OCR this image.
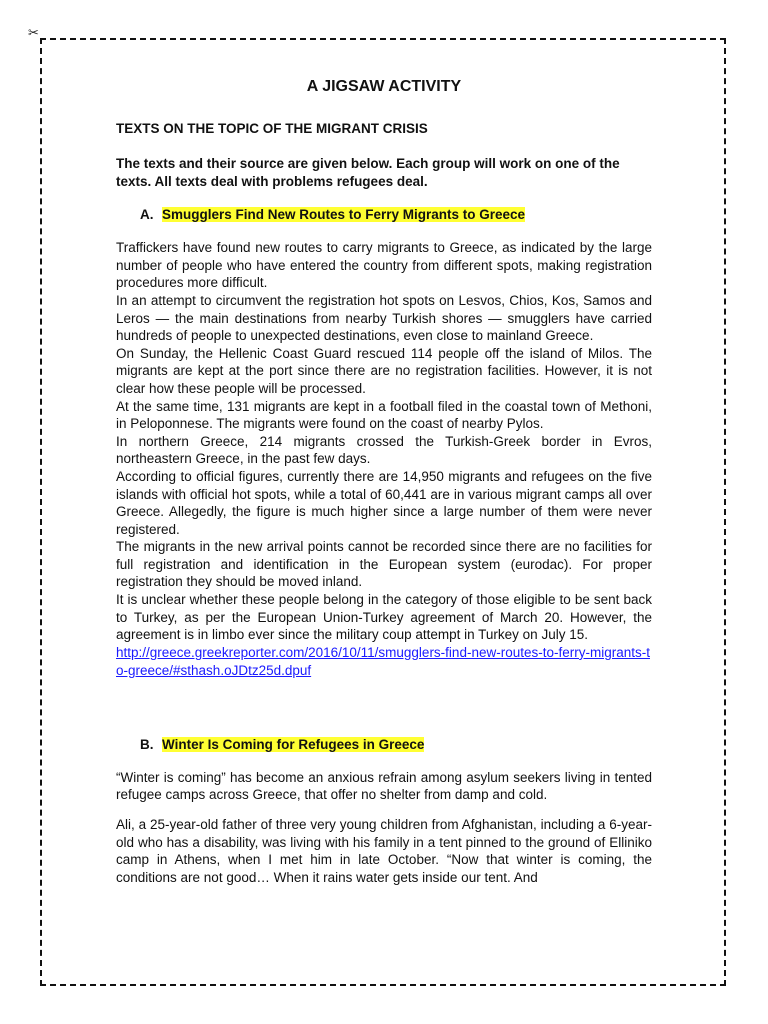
✂
A JIGSAW ACTIVITY
TEXTS ON THE TOPIC OF THE MIGRANT CRISIS
The texts and their source are given below. Each group will work on one of the texts. All texts deal with problems refugees deal.
A. Smugglers Find New Routes to Ferry Migrants to Greece

Traffickers have found new routes to carry migrants to Greece, as indicated by the large number of people who have entered the country from different spots, making registration procedures more difficult.

In an attempt to circumvent the registration hot spots on Lesvos, Chios, Kos, Samos and Leros — the main destinations from nearby Turkish shores — smugglers have carried hundreds of people to unexpected destinations, even close to mainland Greece.

On Sunday, the Hellenic Coast Guard rescued 114 people off the island of Milos. The migrants are kept at the port since there are no registration facilities. However, it is not clear how these people will be processed.

At the same time, 131 migrants are kept in a football filed in the coastal town of Methoni, in Peloponnese. The migrants were found on the coast of nearby Pylos.

In northern Greece, 214 migrants crossed the Turkish-Greek border in Evros, northeastern Greece, in the past few days.

According to official figures, currently there are 14,950 migrants and refugees on the five islands with official hot spots, while a total of 60,441 are in various migrant camps all over Greece. Allegedly, the figure is much higher since a large number of them were never registered.

The migrants in the new arrival points cannot be recorded since there are no facilities for full registration and identification in the European system (eurodac). For proper registration they should be moved inland.

It is unclear whether these people belong in the category of those eligible to be sent back to Turkey, as per the European Union-Turkey agreement of March 20. However, the agreement is in limbo ever since the military coup attempt in Turkey on July 15.

http://greece.greekreporter.com/2016/10/11/smugglers-find-new-routes-to-ferry-migrants-to-greece/#sthash.oJDtz25d.dpuf
B. Winter Is Coming for Refugees in Greece

“Winter is coming” has become an anxious refrain among asylum seekers living in tented refugee camps across Greece, that offer no shelter from damp and cold.

Ali, a 25-year-old father of three very young children from Afghanistan, including a 6-year-old who has a disability, was living with his family in a tent pinned to the ground of Elliniko camp in Athens, when I met him in late October. “Now that winter is coming, the conditions are not good… When it rains water gets inside our tent. And
